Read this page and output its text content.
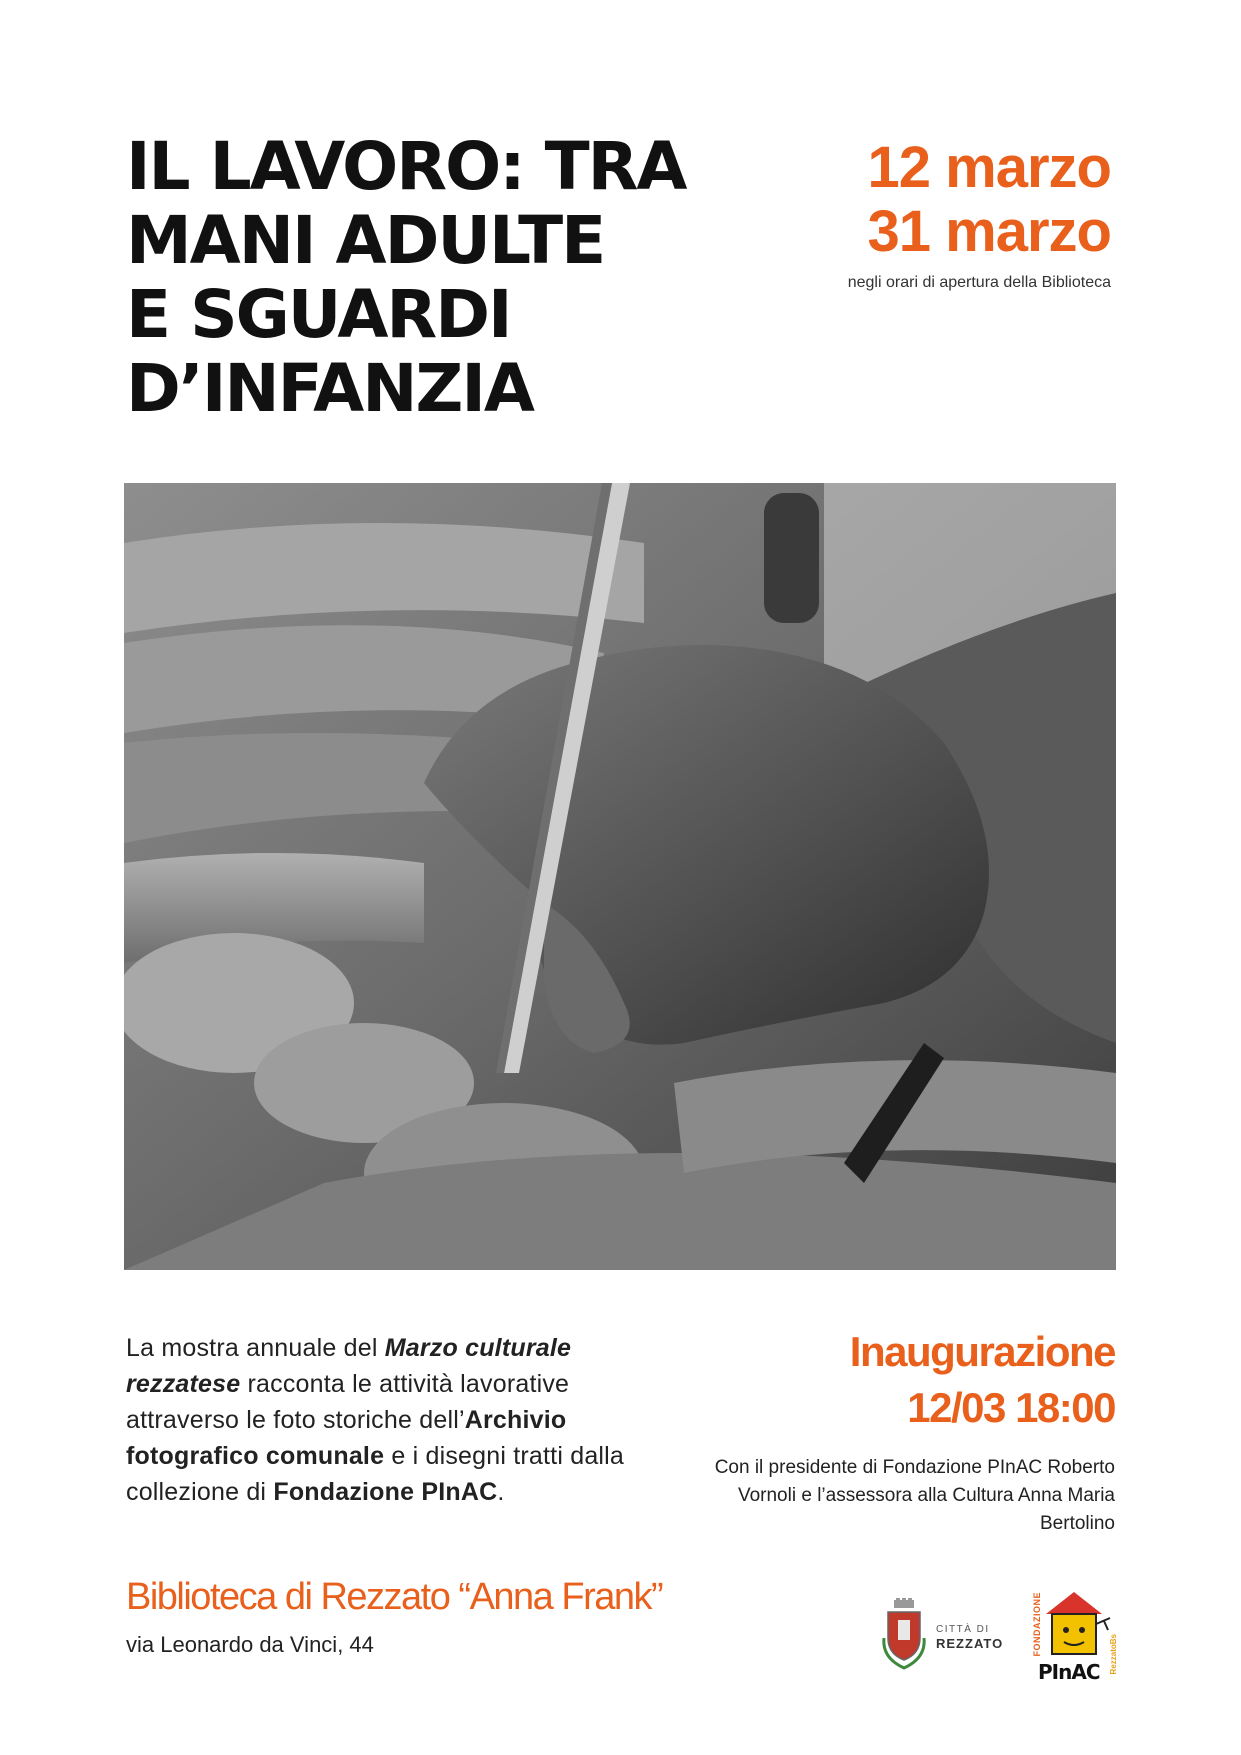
IL LAVORO: TRA
MANI ADULTE
E SGUARDI
D’INFANZIA
12 marzo
31 marzo
negli orari di apertura della Biblioteca
La mostra annuale del Marzo culturale rezzatese racconta le attività lavorative attraverso le foto storiche dell’Archivio fotografico comunale e i disegni tratti dalla collezione di Fondazione PInAC.
Inaugurazione
12/03 18:00
Con il presidente di Fondazione PInAC Roberto Vornoli e l’assessora alla Cultura Anna Maria Bertolino
Biblioteca di Rezzato “Anna Frank”
via Leonardo da Vinci, 44
CITTÀ DI
REZZATO	FONDAZIONE
PInAC RezzatoBs
